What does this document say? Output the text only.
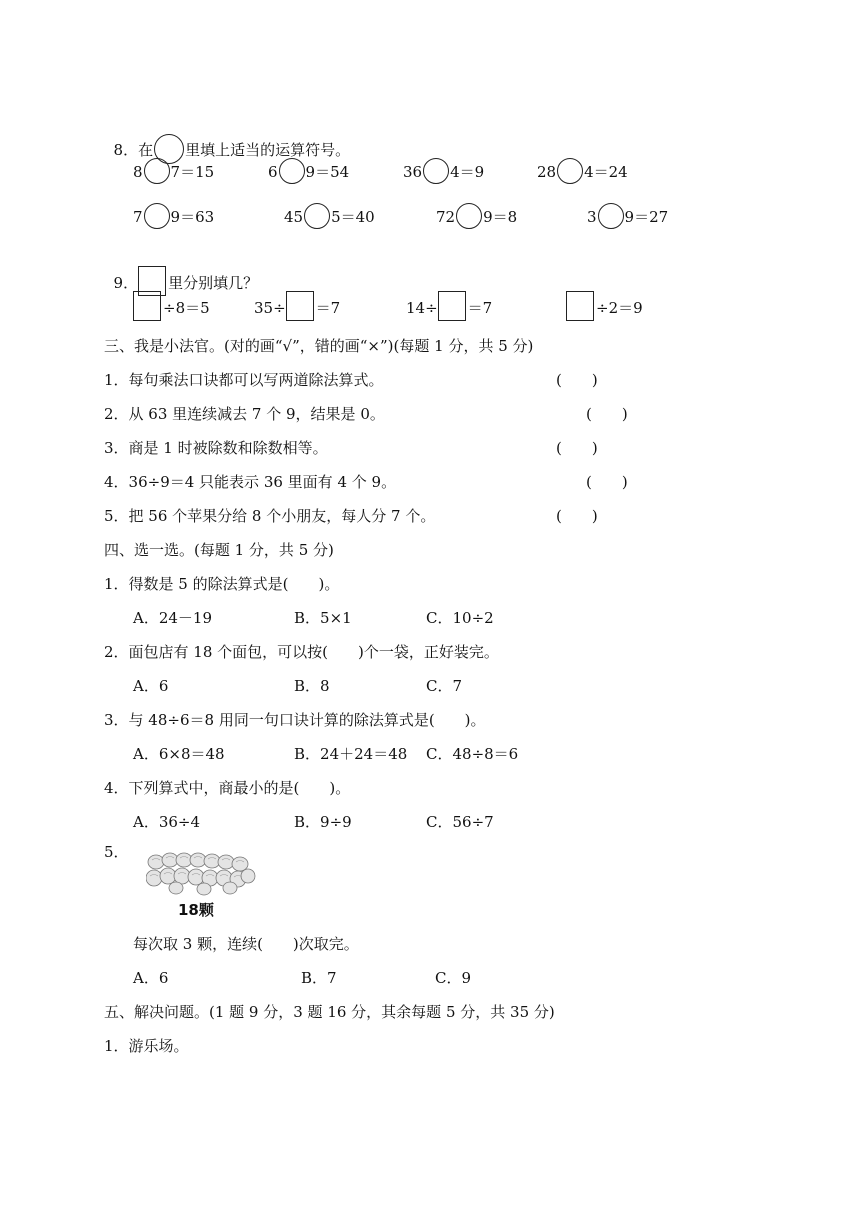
8．在 里填上适当的运算符号。

8 7＝15	6 9＝54	36 4＝9	28 4＝24
7 9＝63	45 5＝40	72 9＝8	3 9＝27

9． 里分别填几？

÷8＝5	35÷ ＝7	14÷ ＝7	÷2＝9
三、我是小法官。(对的画“√”，错的画“×”)(每题 1 分，共 5 分)
1．每句乘法口诀都可以写两道除法算式。	(　　)
2．从 63 里连续减去 7 个 9，结果是 0。	(　　)
3．商是 1 时被除数和除数相等。	(　　)
4．36÷9＝4 只能表示 36 里面有 4 个 9。	(　　)
5．把 56 个苹果分给 8 个小朋友，每人分 7 个。	(　　)
四、选一选。(每题 1 分，共 5 分)
1．得数是 5 的除法算式是(　　)。
A．24－19	B．5×1	C．10÷2
2．面包店有 18 个面包，可以按(　　)个一袋，正好装完。
A．6	B．8	C．7
3．与 48÷6＝8 用同一句口诀计算的除法算式是(　　)。
A．6×8＝48	B．24＋24＝48 C．48÷8＝6
4．下列算式中，商最小的是(　　)。
A．36÷4	B．9÷9	C．56÷7
5．
18颗
每次取 3 颗，连续(　　)次取完。
A．6	B．7	C．9
五、解决问题。(1 题 9 分，3 题 16 分，其余每题 5 分，共 35 分)
1．游乐场。
